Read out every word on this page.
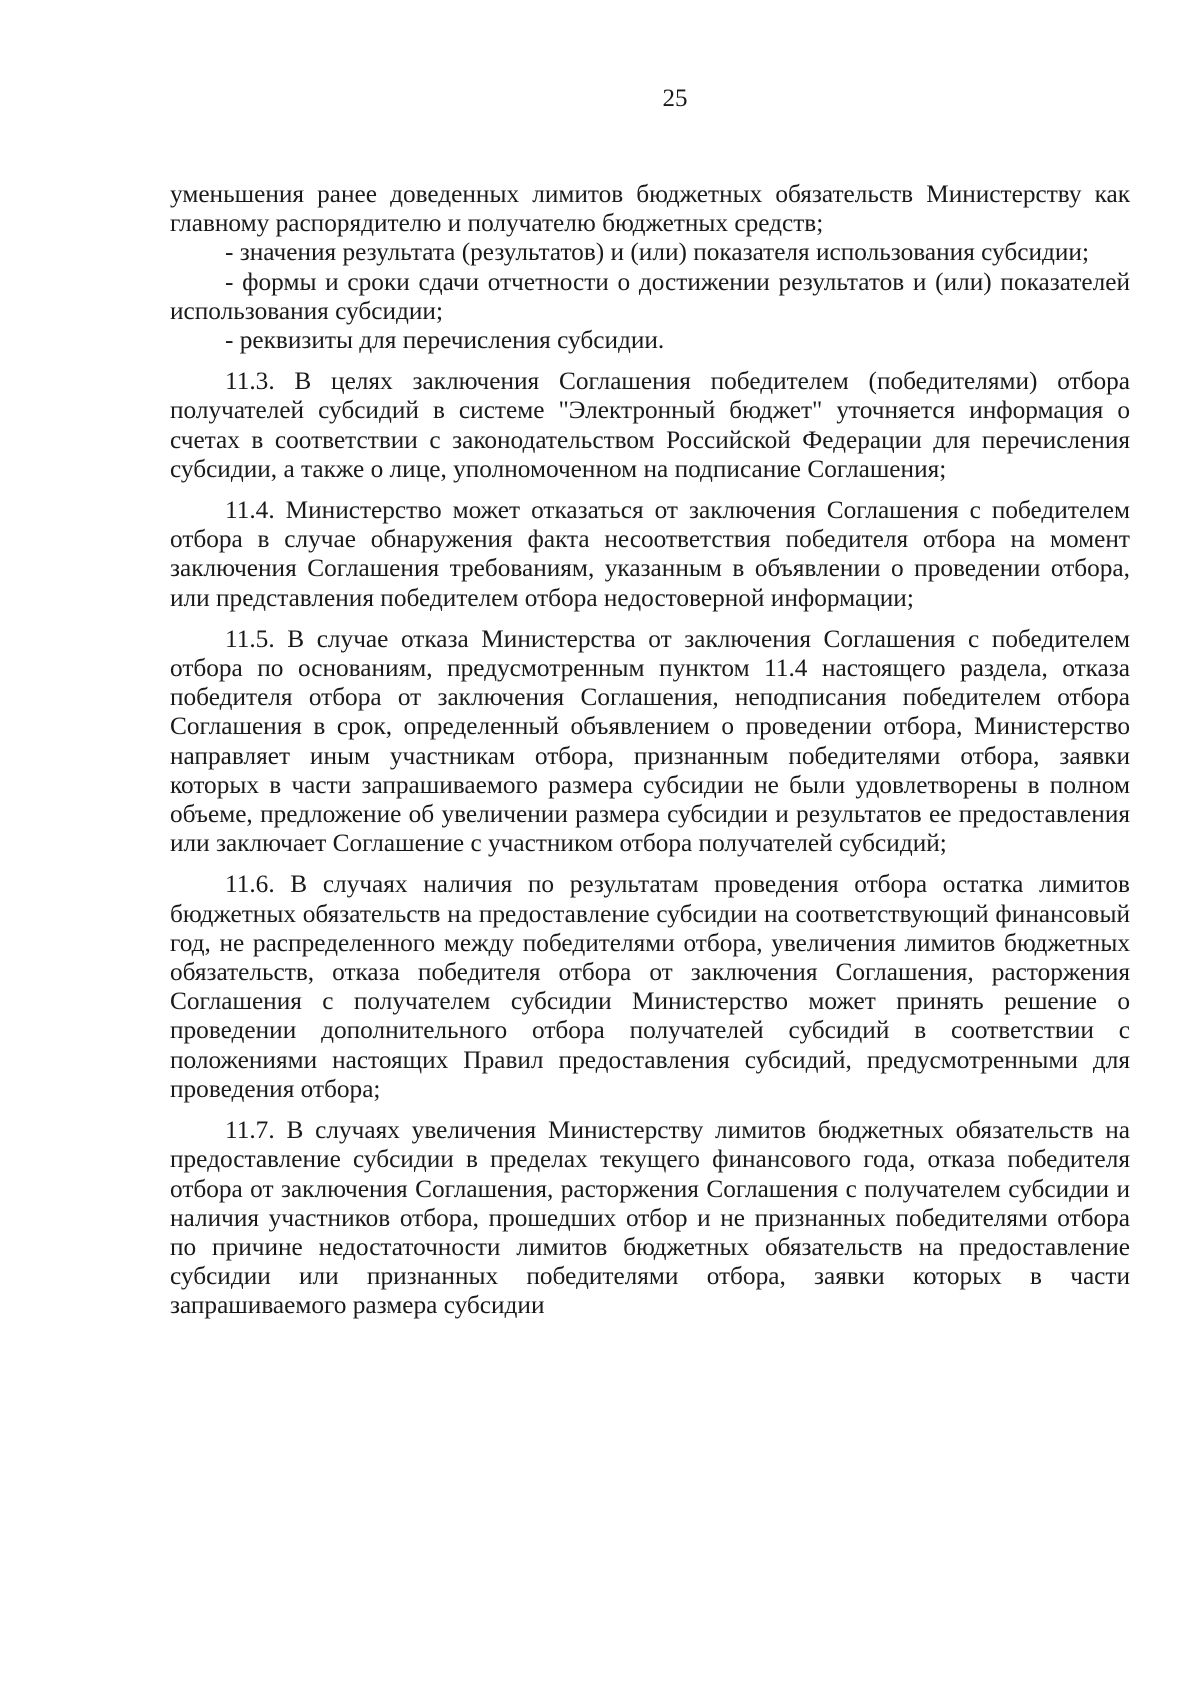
25

уменьшения ранее доведенных лимитов бюджетных обязательств Министерству как главному распорядителю и получателю бюджетных средств;

- значения результата (результатов) и (или) показателя использования субсидии;

- формы и сроки сдачи отчетности о достижении результатов и (или) показателей использования субсидии;

- реквизиты для перечисления субсидии.

11.3. В целях заключения Соглашения победителем (победителями) отбора получателей субсидий в системе "Электронный бюджет" уточняется информация о счетах в соответствии с законодательством Российской Федерации для перечисления субсидии, а также о лице, уполномоченном на подписание Соглашения;

11.4. Министерство может отказаться от заключения Соглашения с победителем отбора в случае обнаружения факта несоответствия победителя отбора на момент заключения Соглашения требованиям, указанным в объявлении о проведении отбора, или представления победителем отбора недостоверной информации;

11.5. В случае отказа Министерства от заключения Соглашения с победителем отбора по основаниям, предусмотренным пунктом 11.4 настоящего раздела, отказа победителя отбора от заключения Соглашения, неподписания победителем отбора Соглашения в срок, определенный объявлением о проведении отбора, Министерство направляет иным участникам отбора, признанным победителями отбора, заявки которых в части запрашиваемого размера субсидии не были удовлетворены в полном объеме, предложение об увеличении размера субсидии и результатов ее предоставления или заключает Соглашение с участником отбора получателей субсидий;

11.6. В случаях наличия по результатам проведения отбора остатка лимитов бюджетных обязательств на предоставление субсидии на соответствующий финансовый год, не распределенного между победителями отбора, увеличения лимитов бюджетных обязательств, отказа победителя отбора от заключения Соглашения, расторжения Соглашения с получателем субсидии Министерство может принять решение о проведении дополнительного отбора получателей субсидий в соответствии с положениями настоящих Правил предоставления субсидий, предусмотренными для проведения отбора;

11.7. В случаях увеличения Министерству лимитов бюджетных обязательств на предоставление субсидии в пределах текущего финансового года, отказа победителя отбора от заключения Соглашения, расторжения Соглашения с получателем субсидии и наличия участников отбора, прошедших отбор и не признанных победителями отбора по причине недостаточности лимитов бюджетных обязательств на предоставление субсидии или признанных победителями отбора, заявки которых в части запрашиваемого размера субсидии
